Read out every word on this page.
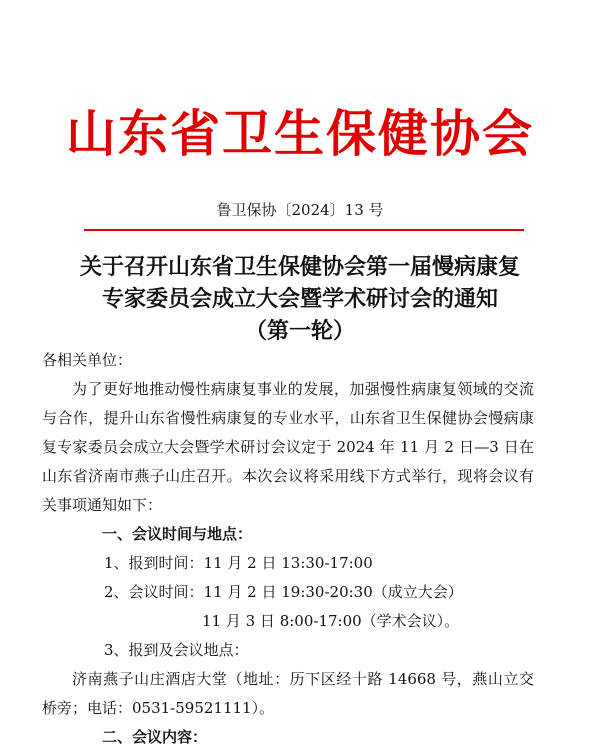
山东省卫生保健协会
鲁卫保协〔2024〕13 号
关于召开山东省卫生保健协会第一届慢病康复
专家委员会成立大会暨学术研讨会的通知
（第一轮）

各相关单位：

为了更好地推动慢性病康复事业的发展，加强慢性病康复领域的交流与合作，提升山东省慢性病康复的专业水平，山东省卫生保健协会慢病康复专家委员会成立大会暨学术研讨会议定于 2024 年 11 月 2 日—3 日在山东省济南市燕子山庄召开。本次会议将采用线下方式举行，现将会议有关事项通知如下：

一、会议时间与地点：

1、报到时间：11 月 2 日 13:30-17:00

2、会议时间：11 月 2 日 19:30-20:30（成立大会）

11 月 3 日 8:00-17:00（学术会议）。

3、报到及会议地点：

济南燕子山庄酒店大堂（地址：历下区经十路 14668 号，燕山立交桥旁；电话：0531-59521111）。

二、会议内容：
